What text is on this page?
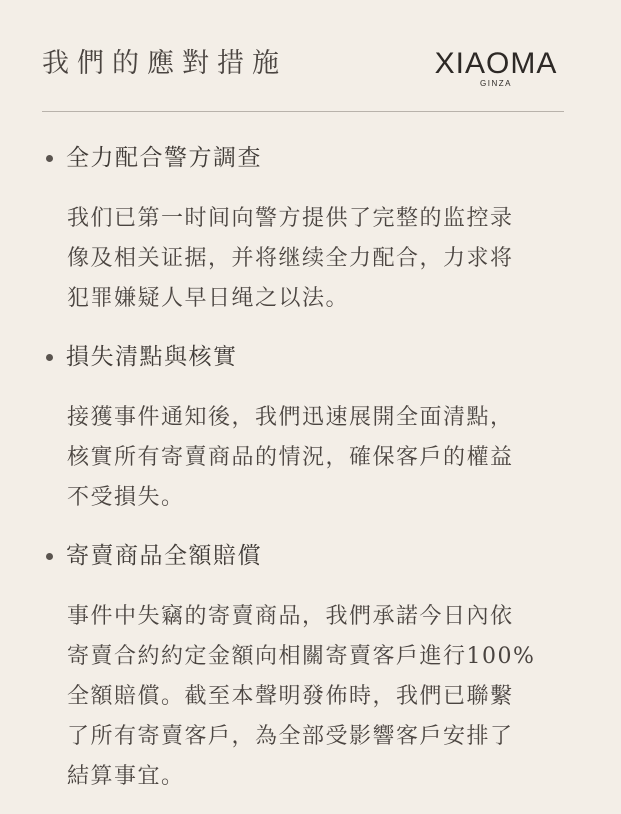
我們的應對措施	XIAOMA
GINZA
全力配合警方調查
我们已第一时间向警方提供了完整的监控录
像及相关证据，并将继续全力配合，力求将
犯罪嫌疑人早日绳之以法。
損失清點與核實
接獲事件通知後，我們迅速展開全面清點，
核實所有寄賣商品的情況，確保客戶的權益
不受損失。
寄賣商品全額賠償
事件中失竊的寄賣商品，我們承諾今日內依
寄賣合約約定金額向相關寄賣客戶進行100%
全額賠償。截至本聲明發佈時，我們已聯繫
了所有寄賣客戶，為全部受影響客戶安排了
結算事宜。
